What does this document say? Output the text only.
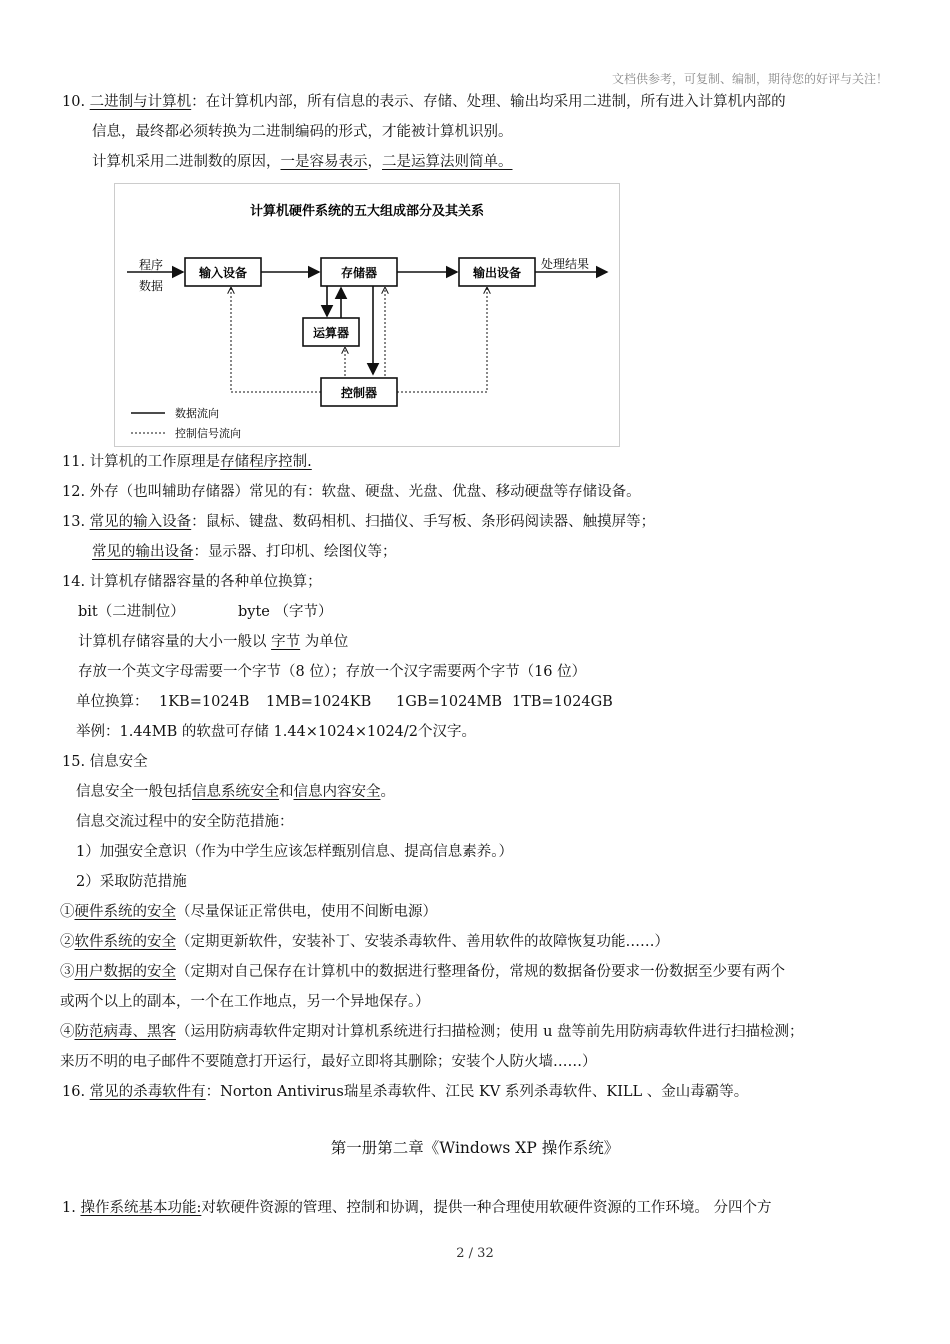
文档供参考，可复制、编制，期待您的好评与关注！
10. 二进制与计算机：在计算机内部，所有信息的表示、存储、处理、输出均采用二进制，所有进入计算机内部的
信息，最终都必须转换为二进制编码的形式，才能被计算机识别。
计算机采用二进制数的原因，一是容易表示，二是运算法则简单。
计算机硬件系统的五大组成部分及其关系
程序
数据
输入设备	存储器	输出设备
处理结果
运算器
控制器
数据流向
控制信号流向
11. 计算机的工作原理是存储程序控制.
12. 外存（也叫辅助存储器）常见的有：软盘、硬盘、光盘、优盘、移动硬盘等存储设备。
13. 常见的输入设备：鼠标、键盘、数码相机、扫描仪、手写板、条形码阅读器、触摸屏等；
常见的输出设备：显示器、打印机、绘图仪等；
14. 计算机存储器容量的各种单位换算；
bit（二进制位）	byte （字节）
计算机存储容量的大小一般以 字节 为单位
存放一个英文字母需要一个字节（8 位）；存放一个汉字需要两个字节（16 位）
单位换算： 1KB=1024B 1MB=1024KB 1GB=1024MB 1TB=1024GB
举例：1.44MB 的软盘可存储 1.44×1024×1024/2个汉字。
15. 信息安全
信息安全一般包括信息系统安全和信息内容安全。
信息交流过程中的安全防范措施：
1）加强安全意识（作为中学生应该怎样甄别信息、提高信息素养。）
2）采取防范措施
①硬件系统的安全（尽量保证正常供电，使用不间断电源）
②软件系统的安全（定期更新软件，安装补丁、安装杀毒软件、善用软件的故障恢复功能……）
③用户数据的安全（定期对自己保存在计算机中的数据进行整理备份，常规的数据备份要求一份数据至少要有两个
或两个以上的副本，一个在工作地点，另一个异地保存。）
④防范病毒、黑客（运用防病毒软件定期对计算机系统进行扫描检测；使用 u 盘等前先用防病毒软件进行扫描检测；
来历不明的电子邮件不要随意打开运行，最好立即将其删除；安装个人防火墙……）
16. 常见的杀毒软件有：Norton Antivirus瑞星杀毒软件、江民 KV 系列杀毒软件、KILL 、金山毒霸等。
第一册第二章《Windows XP 操作系统》
1. 操作系统基本功能:对软硬件资源的管理、控制和协调，提供一种合理使用软硬件资源的工作环境。 分四个方
2 / 32
